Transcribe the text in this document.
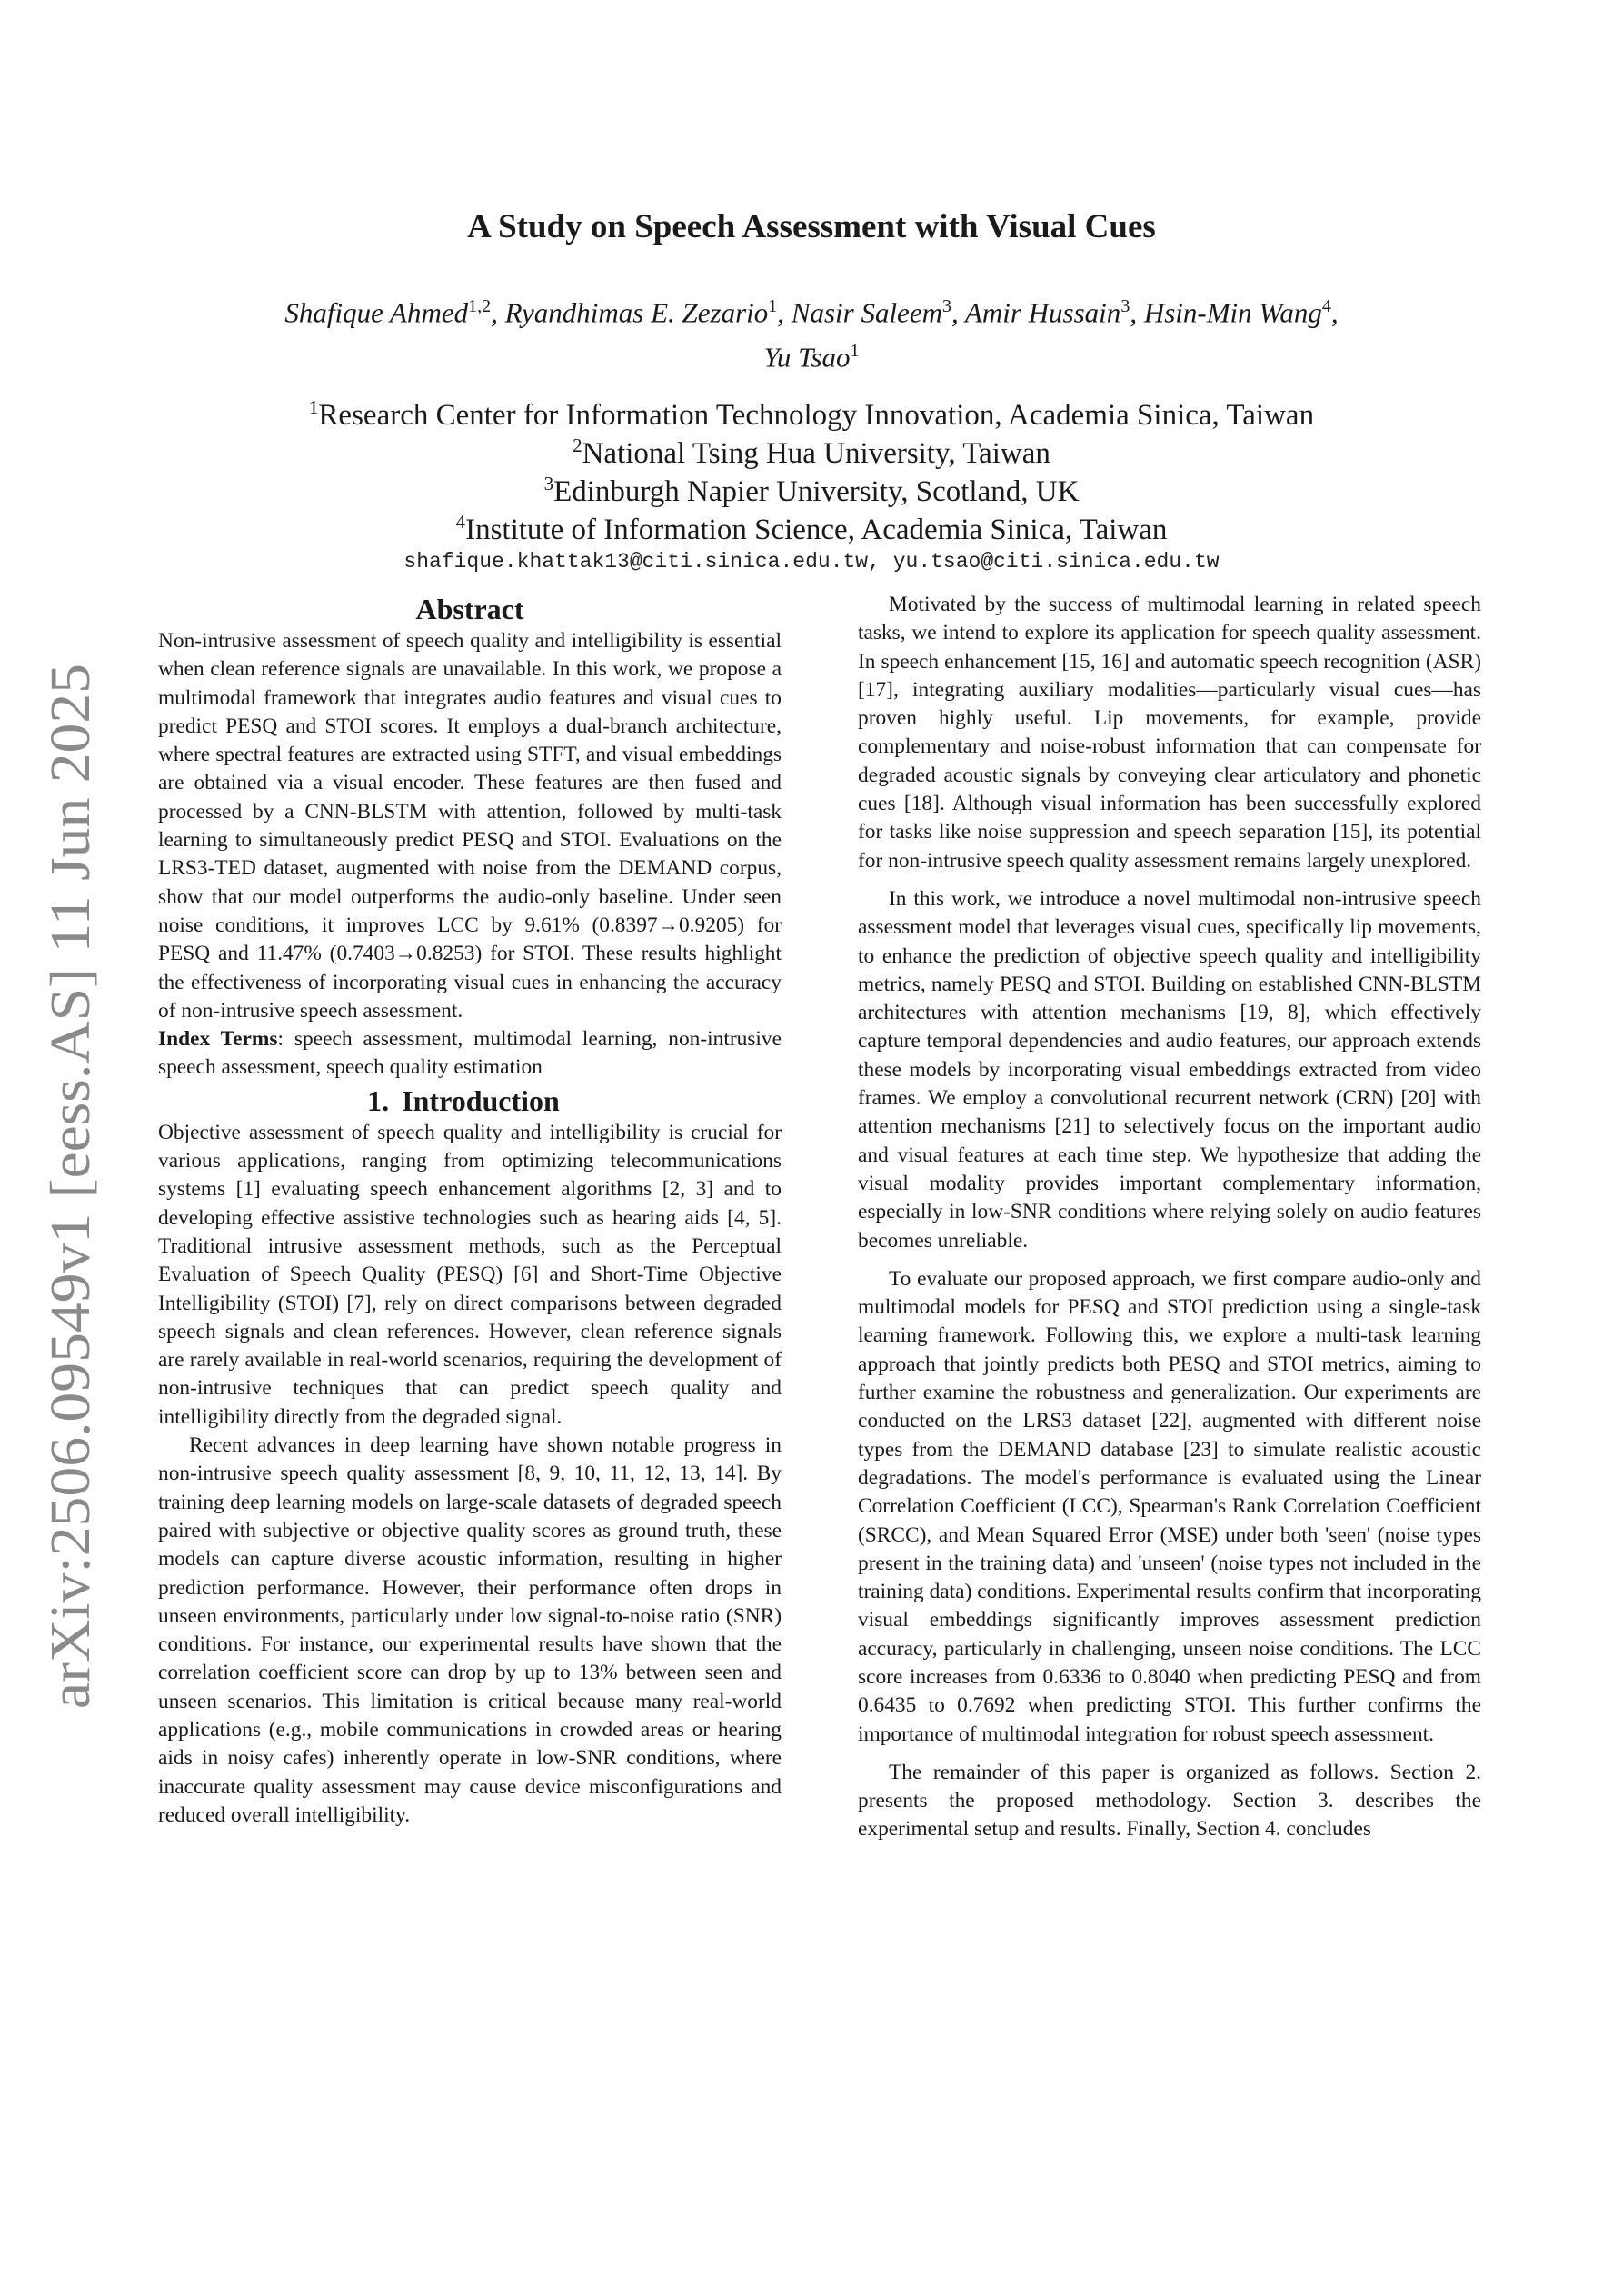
arXiv:2506.09549v1 [eess.AS] 11 Jun 2025
A Study on Speech Assessment with Visual Cues
Shafique Ahmed$^{1,2}$, Ryandhimas E. Zezario$^1$, Nasir Saleem$^3$, Amir Hussain$^3$, Hsin-Min Wang$^4$,
Yu Tsao$^1$
$^1$Research Center for Information Technology Innovation, Academia Sinica, Taiwan
$^2$National Tsing Hua University, Taiwan
$^3$Edinburgh Napier University, Scotland, UK
$^4$Institute of Information Science, Academia Sinica, Taiwan
shafique.khattak13@citi.sinica.edu.tw, yu.tsao@citi.sinica.edu.tw

Abstract

Non-intrusive assessment of speech quality and intelligibility is essential when clean reference signals are unavailable. In this work, we propose a multimodal framework that integrates audio features and visual cues to predict PESQ and STOI scores. It employs a dual-branch architecture, where spectral features are extracted using STFT, and visual embeddings are obtained via a visual encoder. These features are then fused and processed by a CNN-BLSTM with attention, followed by multi-task learning to simultaneously predict PESQ and STOI. Evaluations on the LRS3-TED dataset, augmented with noise from the DEMAND corpus, show that our model outperforms the audio-only baseline. Under seen noise conditions, it improves LCC by 9.61% (0.8397→0.9205) for PESQ and 11.47% (0.7403→0.8253) for STOI. These results highlight the effectiveness of incorporating visual cues in enhancing the accuracy of non-intrusive speech assessment.

Index Terms: speech assessment, multimodal learning, non-intrusive speech assessment, speech quality estimation

1. Introduction

Objective assessment of speech quality and intelligibility is crucial for various applications, ranging from optimizing telecommunications systems [1] evaluating speech enhancement algorithms [2, 3] and to developing effective assistive technologies such as hearing aids [4, 5]. Traditional intrusive assessment methods, such as the Perceptual Evaluation of Speech Quality (PESQ) [6] and Short-Time Objective Intelligibility (STOI) [7], rely on direct comparisons between degraded speech signals and clean references. However, clean reference signals are rarely available in real-world scenarios, requiring the development of non-intrusive techniques that can predict speech quality and intelligibility directly from the degraded signal.

Recent advances in deep learning have shown notable progress in non-intrusive speech quality assessment [8, 9, 10, 11, 12, 13, 14]. By training deep learning models on large-scale datasets of degraded speech paired with subjective or objective quality scores as ground truth, these models can capture diverse acoustic information, resulting in higher prediction performance. However, their performance often drops in unseen environments, particularly under low signal-to-noise ratio (SNR) conditions. For instance, our experimental results have shown that the correlation coefficient score can drop by up to 13% between seen and unseen scenarios. This limitation is critical because many real-world applications (e.g., mobile communications in crowded areas or hearing aids in noisy cafes) inherently operate in low-SNR conditions, where inaccurate quality assessment may cause device misconfigurations and reduced overall intelligibility.

Motivated by the success of multimodal learning in related speech tasks, we intend to explore its application for speech quality assessment. In speech enhancement [15, 16] and automatic speech recognition (ASR) [17], integrating auxiliary modalities—particularly visual cues—has proven highly useful. Lip movements, for example, provide complementary and noise-robust information that can compensate for degraded acoustic signals by conveying clear articulatory and phonetic cues [18]. Although visual information has been successfully explored for tasks like noise suppression and speech separation [15], its potential for non-intrusive speech quality assessment remains largely unexplored.

In this work, we introduce a novel multimodal non-intrusive speech assessment model that leverages visual cues, specifically lip movements, to enhance the prediction of objective speech quality and intelligibility metrics, namely PESQ and STOI. Building on established CNN-BLSTM architectures with attention mechanisms [19, 8], which effectively capture temporal dependencies and audio features, our approach extends these models by incorporating visual embeddings extracted from video frames. We employ a convolutional recurrent network (CRN) [20] with attention mechanisms [21] to selectively focus on the important audio and visual features at each time step. We hypothesize that adding the visual modality provides important complementary information, especially in low-SNR conditions where relying solely on audio features becomes unreliable.

To evaluate our proposed approach, we first compare audio-only and multimodal models for PESQ and STOI prediction using a single-task learning framework. Following this, we explore a multi-task learning approach that jointly predicts both PESQ and STOI metrics, aiming to further examine the robustness and generalization. Our experiments are conducted on the LRS3 dataset [22], augmented with different noise types from the DEMAND database [23] to simulate realistic acoustic degradations. The model's performance is evaluated using the Linear Correlation Coefficient (LCC), Spearman's Rank Correlation Coefficient (SRCC), and Mean Squared Error (MSE) under both 'seen' (noise types present in the training data) and 'unseen' (noise types not included in the training data) conditions. Experimental results confirm that incorporating visual embeddings significantly improves assessment prediction accuracy, particularly in challenging, unseen noise conditions. The LCC score increases from 0.6336 to 0.8040 when predicting PESQ and from 0.6435 to 0.7692 when predicting STOI. This further confirms the importance of multimodal integration for robust speech assessment.

The remainder of this paper is organized as follows. Section 2. presents the proposed methodology. Section 3. describes the experimental setup and results. Finally, Section 4. concludes
